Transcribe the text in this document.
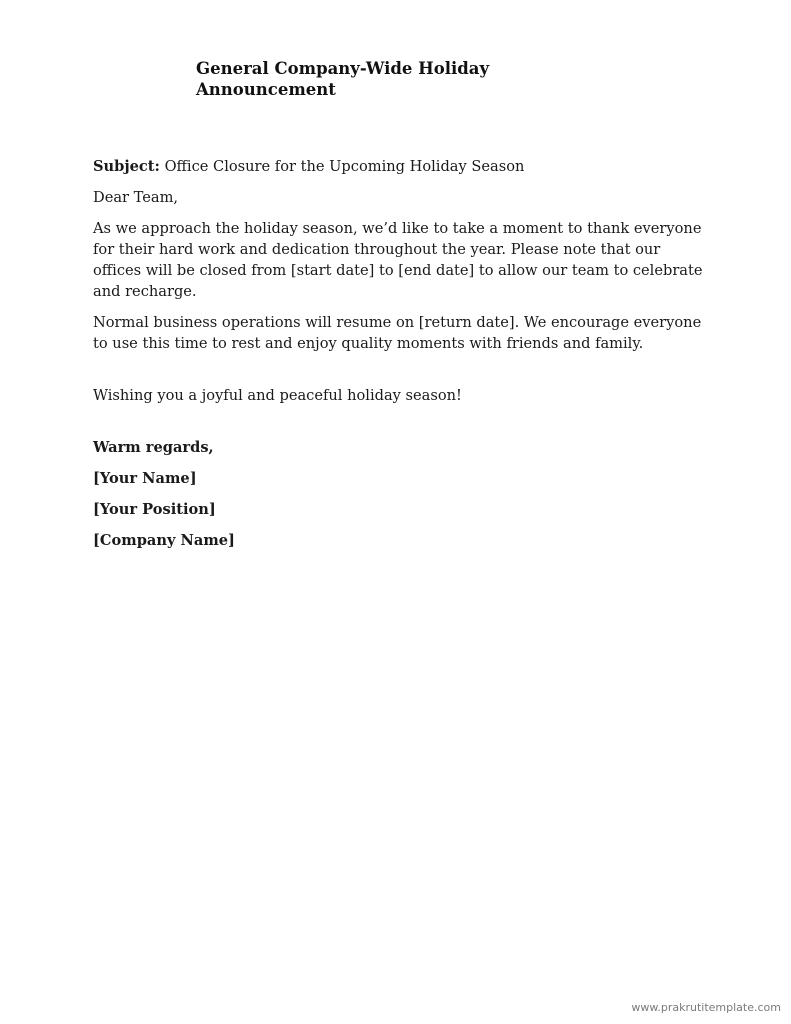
General Company-Wide Holiday
Announcement

Subject: Office Closure for the Upcoming Holiday Season

Dear Team,

As we approach the holiday season, we’d like to take a moment to thank everyone for their hard work and dedication throughout the year. Please note that our offices will be closed from [start date] to [end date] to allow our team to celebrate and recharge.

Normal business operations will resume on [return date]. We encourage everyone to use this time to rest and enjoy quality moments with friends and family.

Wishing you a joyful and peaceful holiday season!

Warm regards,

[Your Name]

[Your Position]

[Company Name]

www.prakrutitemplate.com
